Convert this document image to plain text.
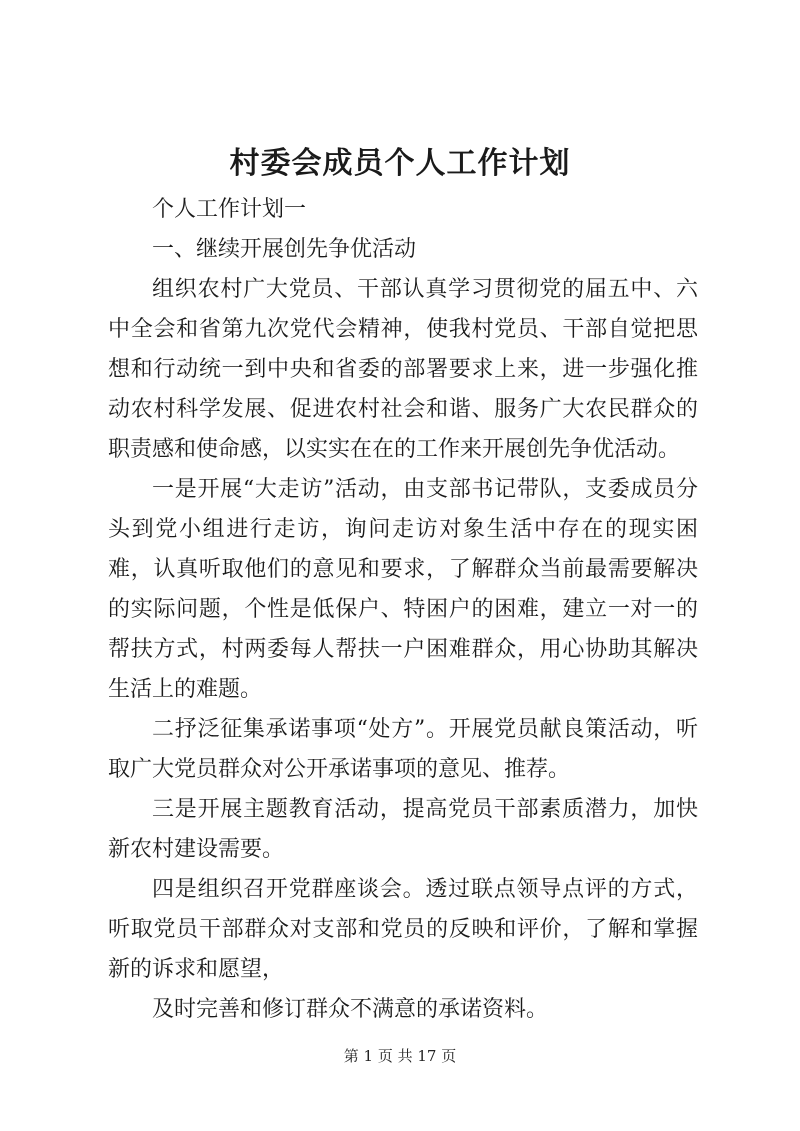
村委会成员个人工作计划

个人工作计划一

一、继续开展创先争优活动

组织农村广大党员、干部认真学习贯彻党的届五中、六中全会和省第九次党代会精神，使我村党员、干部自觉把思想和行动统一到中央和省委的部署要求上来，进一步强化推动农村科学发展、促进农村社会和谐、服务广大农民群众的职责感和使命感，以实实在在的工作来开展创先争优活动。

一是开展“大走访”活动，由支部书记带队，支委成员分头到党小组进行走访，询问走访对象生活中存在的现实困难，认真听取他们的意见和要求，了解群众当前最需要解决的实际问题，个性是低保户、特困户的困难，建立一对一的帮扶方式，村两委每人帮扶一户困难群众，用心协助其解决生活上的难题。

二抒泛征集承诺事项“处方”。开展党员献良策活动，听取广大党员群众对公开承诺事项的意见、推荐。

三是开展主题教育活动，提高党员干部素质潜力，加快新农村建设需要。

四是组织召开党群座谈会。透过联点领导点评的方式，听取党员干部群众对支部和党员的反映和评价，了解和掌握新的诉求和愿望，

及时完善和修订群众不满意的承诺资料。

第 1 页 共 17 页
